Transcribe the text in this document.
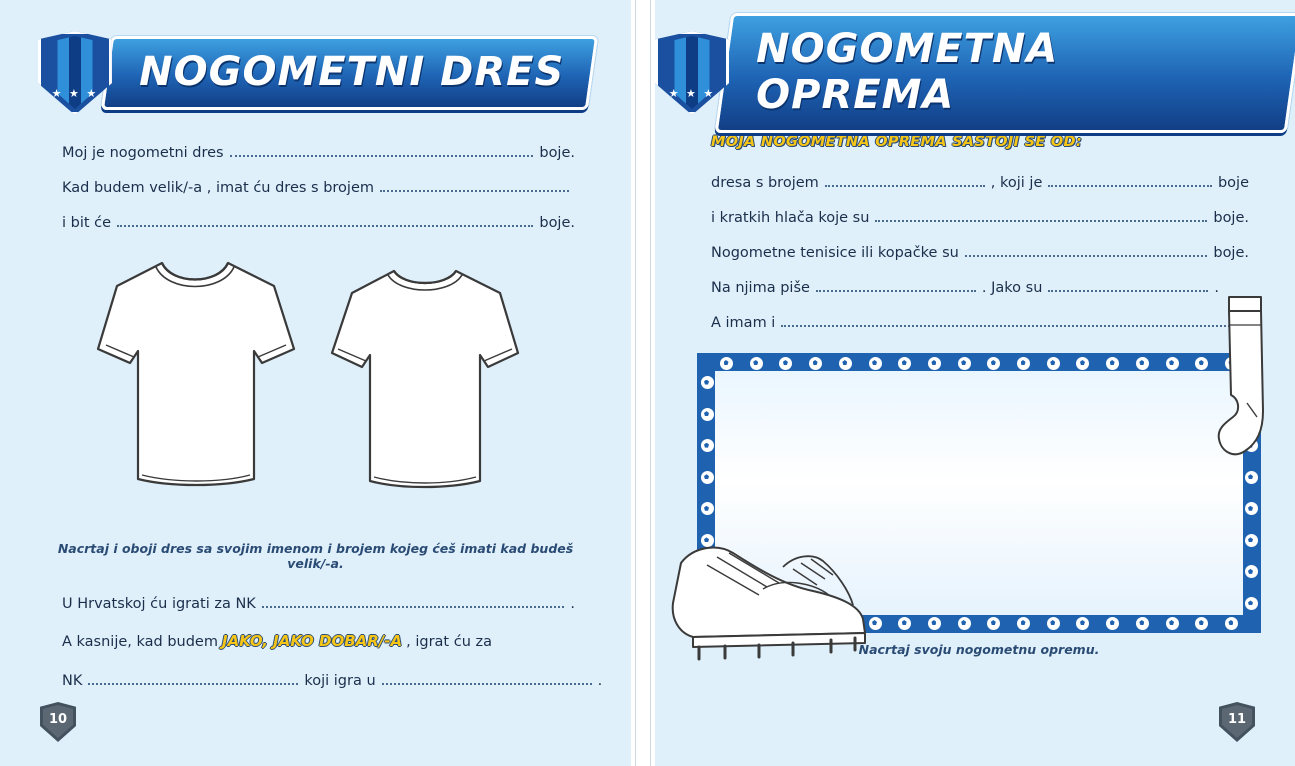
★ ★ ★	NOGOMETNI DRES
Moj je nogometni dres	boje.
Kad budem velik/-a , imat ću dres s brojem
i bit će	boje.
Nacrtaj i oboji dres sa svojim imenom i brojem kojeg ćeš imati kad budeš velik/-a.
U Hrvatskoj ću igrati za NK	.
A kasnije, kad budem JAKO, JAKO DOBAR/-A , igrat ću za
NK	koji igra u	.
10
★ ★ ★
NOGOMETNA OPREMA
MOJA NOGOMETNA OPREMA SASTOJI SE OD:
dresa s brojem	, koji je	boje
i kratkih hlača koje su	boje.
Nogometne tenisice ili kopačke su	boje.
Na njima piše	. Jako su	.
A imam i
Nacrtaj svoju nogometnu opremu.
11
